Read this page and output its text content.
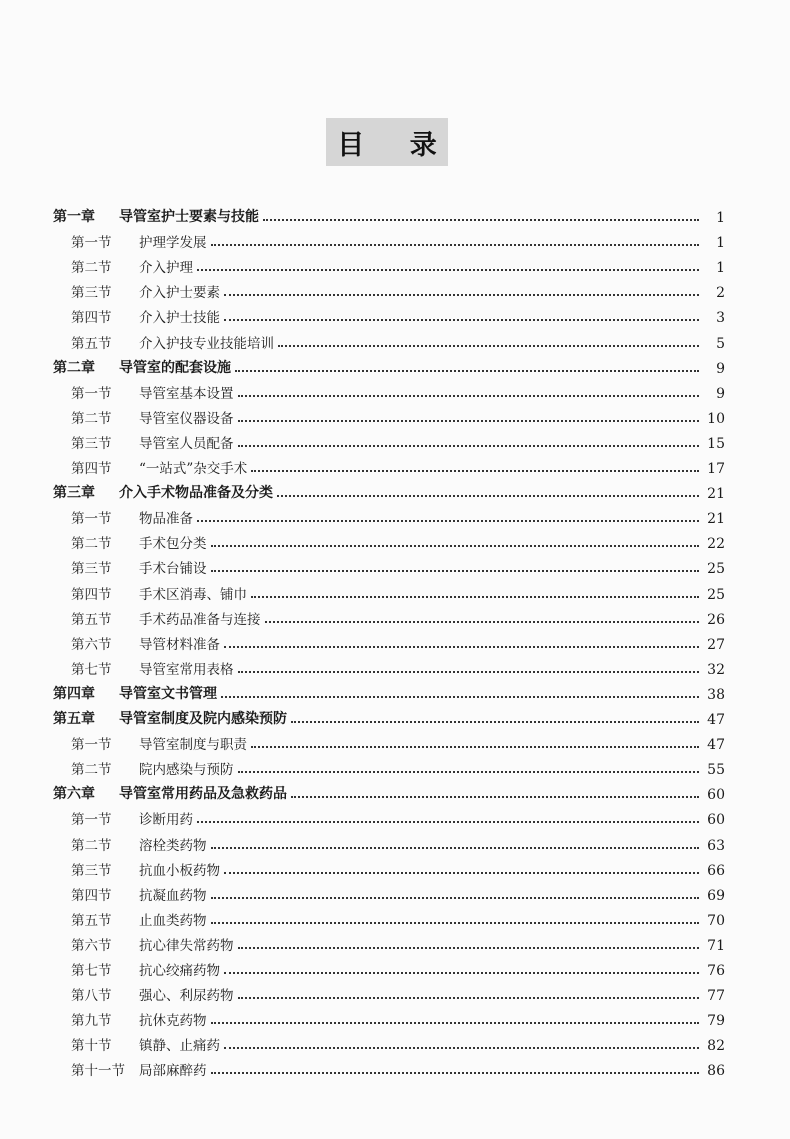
目 录
第一章 导管室护士要素与技能	1
第一节 护理学发展	1
第二节 介入护理	1
第三节 介入护士要素	2
第四节 介入护士技能	3
第五节 介入护技专业技能培训	5
第二章 导管室的配套设施	9
第一节 导管室基本设置	9
第二节 导管室仪器设备	10
第三节 导管室人员配备	15
第四节 “一站式”杂交手术	17
第三章 介入手术物品准备及分类	21
第一节 物品准备	21
第二节 手术包分类	22
第三节 手术台铺设	25
第四节 手术区消毒、铺巾	25
第五节 手术药品准备与连接	26
第六节 导管材料准备	27
第七节 导管室常用表格	32
第四章 导管室文书管理	38
第五章 导管室制度及院内感染预防	47
第一节 导管室制度与职责	47
第二节 院内感染与预防	55
第六章 导管室常用药品及急救药品	60
第一节 诊断用药	60
第二节 溶栓类药物	63
第三节 抗血小板药物	66
第四节 抗凝血药物	69
第五节 止血类药物	70
第六节 抗心律失常药物	71
第七节 抗心绞痛药物	76
第八节 强心、利尿药物	77
第九节 抗休克药物	79
第十节 镇静、止痛药	82
第十一节 局部麻醉药	86
